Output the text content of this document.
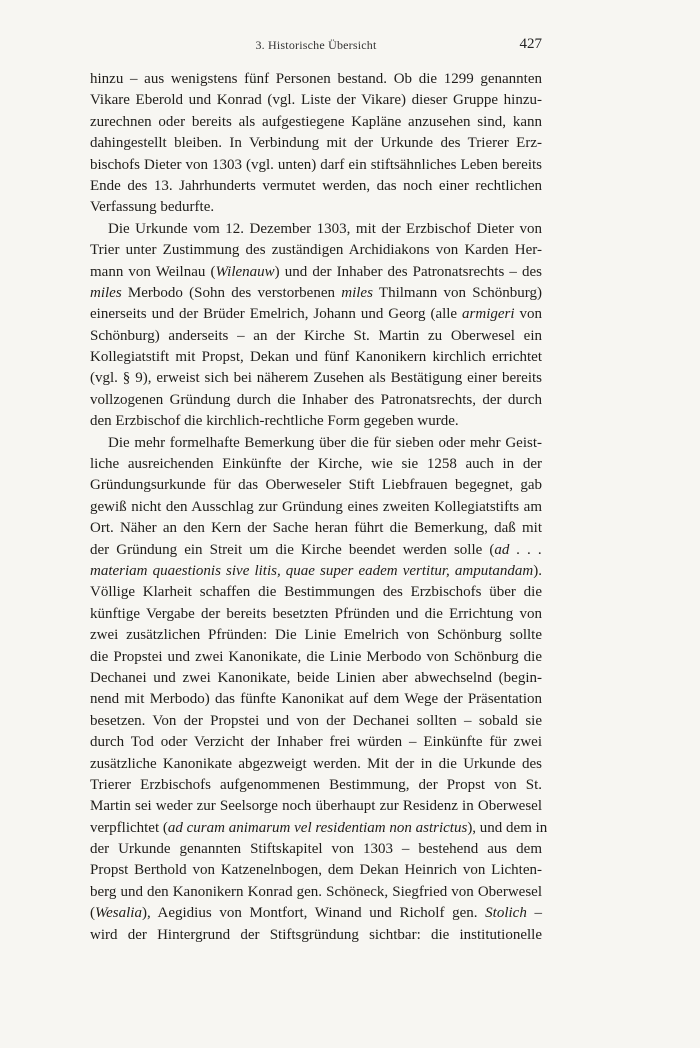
3. Historische Übersicht	427
hinzu – aus wenigstens fünf Personen bestand. Ob die 1299 genannten
Vikare Eberold und Konrad (vgl. Liste der Vikare) dieser Gruppe hinzu-
zurechnen oder bereits als aufgestiegene Kapläne anzusehen sind, kann
dahingestellt bleiben. In Verbindung mit der Urkunde des Trierer Erz-
bischofs Dieter von 1303 (vgl. unten) darf ein stiftsähnliches Leben bereits
Ende des 13. Jahrhunderts vermutet werden, das noch einer rechtlichen
Verfassung bedurfte.
Die Urkunde vom 12. Dezember 1303, mit der Erzbischof Dieter von
Trier unter Zustimmung des zuständigen Archidiakons von Karden Her-
mann von Weilnau (Wilenauw) und der Inhaber des Patronatsrechts – des
miles Merbodo (Sohn des verstorbenen miles Thilmann von Schönburg)
einerseits und der Brüder Emelrich, Johann und Georg (alle armigeri von
Schönburg) anderseits – an der Kirche St. Martin zu Oberwesel ein
Kollegiatstift mit Propst, Dekan und fünf Kanonikern kirchlich errichtet
(vgl. § 9), erweist sich bei näherem Zusehen als Bestätigung einer bereits
vollzogenen Gründung durch die Inhaber des Patronatsrechts, der durch
den Erzbischof die kirchlich-rechtliche Form gegeben wurde.
Die mehr formelhafte Bemerkung über die für sieben oder mehr Geist-
liche ausreichenden Einkünfte der Kirche, wie sie 1258 auch in der
Gründungsurkunde für das Oberweseler Stift Liebfrauen begegnet, gab
gewiß nicht den Ausschlag zur Gründung eines zweiten Kollegiatstifts am
Ort. Näher an den Kern der Sache heran führt die Bemerkung, daß mit
der Gründung ein Streit um die Kirche beendet werden solle (ad . . .
materiam quaestionis sive litis, quae super eadem vertitur, amputandam).
Völlige Klarheit schaffen die Bestimmungen des Erzbischofs über die
künftige Vergabe der bereits besetzten Pfründen und die Errichtung von
zwei zusätzlichen Pfründen: Die Linie Emelrich von Schönburg sollte
die Propstei und zwei Kanonikate, die Linie Merbodo von Schönburg die
Dechanei und zwei Kanonikate, beide Linien aber abwechselnd (begin-
nend mit Merbodo) das fünfte Kanonikat auf dem Wege der Präsentation
besetzen. Von der Propstei und von der Dechanei sollten – sobald sie
durch Tod oder Verzicht der Inhaber frei würden – Einkünfte für zwei
zusätzliche Kanonikate abgezweigt werden. Mit der in die Urkunde des
Trierer Erzbischofs aufgenommenen Bestimmung, der Propst von St.
Martin sei weder zur Seelsorge noch überhaupt zur Residenz in Oberwesel
verpflichtet (ad curam animarum vel residentiam non astrictus), und dem in
der Urkunde genannten Stiftskapitel von 1303 – bestehend aus dem
Propst Berthold von Katzenelnbogen, dem Dekan Heinrich von Lichten-
berg und den Kanonikern Konrad gen. Schöneck, Siegfried von Oberwesel
(Wesalia), Aegidius von Montfort, Winand und Richolf gen. Stolich –
wird der Hintergrund der Stiftsgründung sichtbar: die institutionelle
